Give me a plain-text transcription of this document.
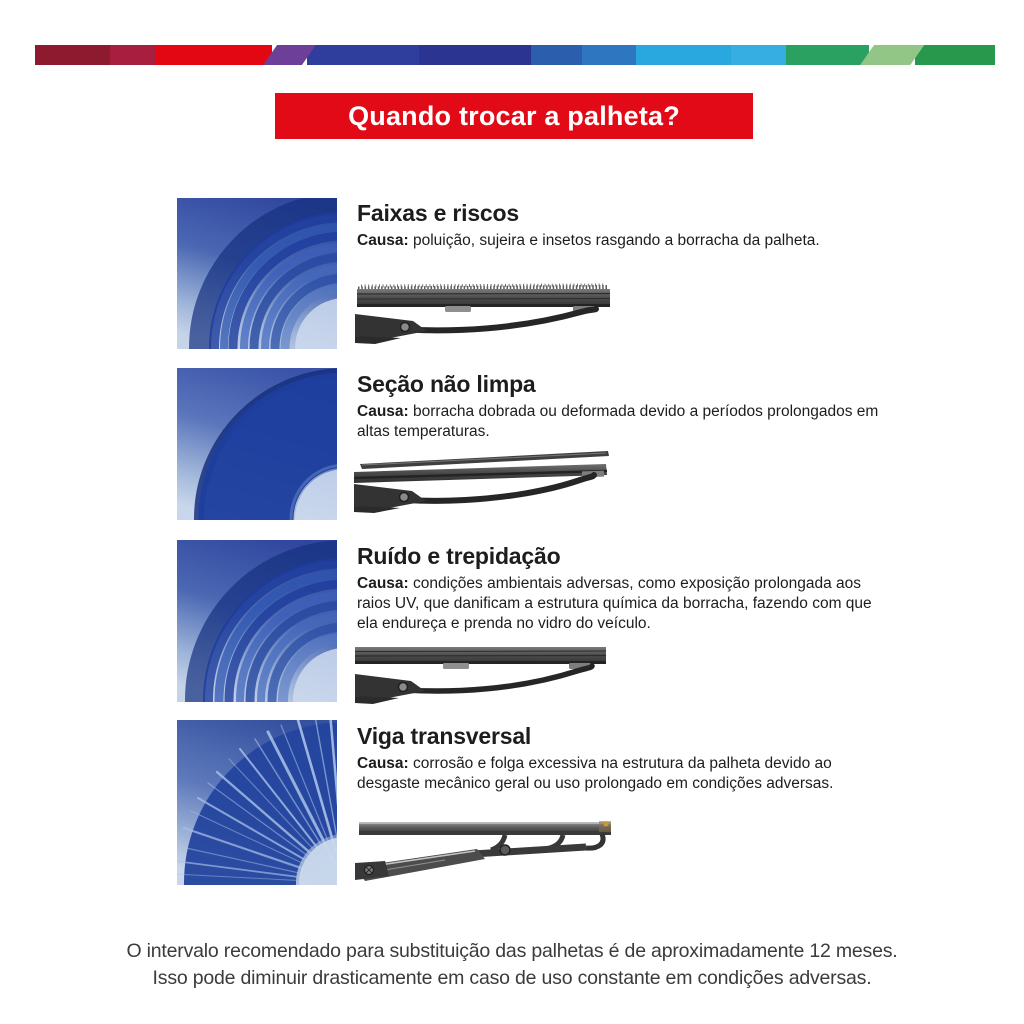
Quando trocar a palheta?
Faixas e riscos

Causa: poluição, sujeira e insetos rasgando a borracha da palheta.

Seção não limpa

Causa: borracha dobrada ou deformada devido a períodos prolongados em altas temperaturas.

Ruído e trepidação

Causa: condições ambientais adversas, como exposição prolongada aos raios UV, que danificam a estrutura química da borracha, fazendo com que ela endureça e prenda no vidro do veículo.

Viga transversal

Causa: corrosão e folga excessiva na estrutura da palheta devido ao desgaste mecânico geral ou uso prolongado em condições adversas.

O intervalo recomendado para substituição das palhetas é de aproximadamente 12 meses.
Isso pode diminuir drasticamente em caso de uso constante em condições adversas.
